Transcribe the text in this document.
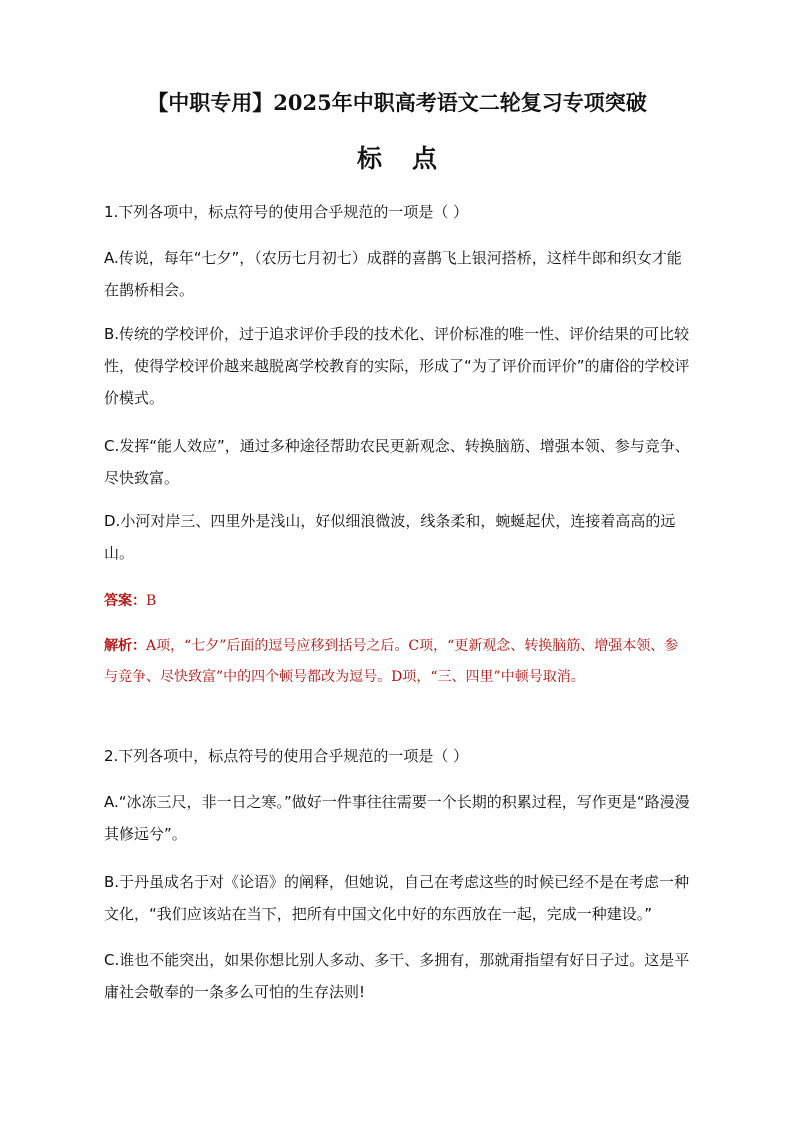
【中职专用】2025年中职高考语文二轮复习专项突破
标点

1.下列各项中，标点符号的使用合乎规范的一项是（ ）

A.传说，每年“七夕”，（农历七月初七）成群的喜鹊飞上银河搭桥，这样牛郎和织女才能在鹊桥相会。

B.传统的学校评价，过于追求评价手段的技术化、评价标准的唯一性、评价结果的可比较性，使得学校评价越来越脱离学校教育的实际，形成了“为了评价而评价”的庸俗的学校评价模式。

C.发挥“能人效应”，通过多种途径帮助农民更新观念、转换脑筋、增强本领、参与竞争、尽快致富。

D.小河对岸三、四里外是浅山，好似细浪微波，线条柔和，蜿蜒起伏，连接着高高的远山。

答案：B

解析：A项，“七夕”后面的逗号应移到括号之后。C项，“更新观念、转换脑筋、增强本领、参与竞争、尽快致富”中的四个顿号都改为逗号。D项，“三、四里”中顿号取消。

2.下列各项中，标点符号的使用合乎规范的一项是（ ）

A.“冰冻三尺，非一日之寒。”做好一件事往往需要一个长期的积累过程，写作更是“路漫漫其修远兮”。

B.于丹虽成名于对《论语》的阐释，但她说，自己在考虑这些的时候已经不是在考虑一种文化，“我们应该站在当下，把所有中国文化中好的东西放在一起，完成一种建设。”

C.谁也不能突出，如果你想比别人多动、多干、多拥有，那就甭指望有好日子过。这是平庸社会敬奉的一条多么可怕的生存法则!
